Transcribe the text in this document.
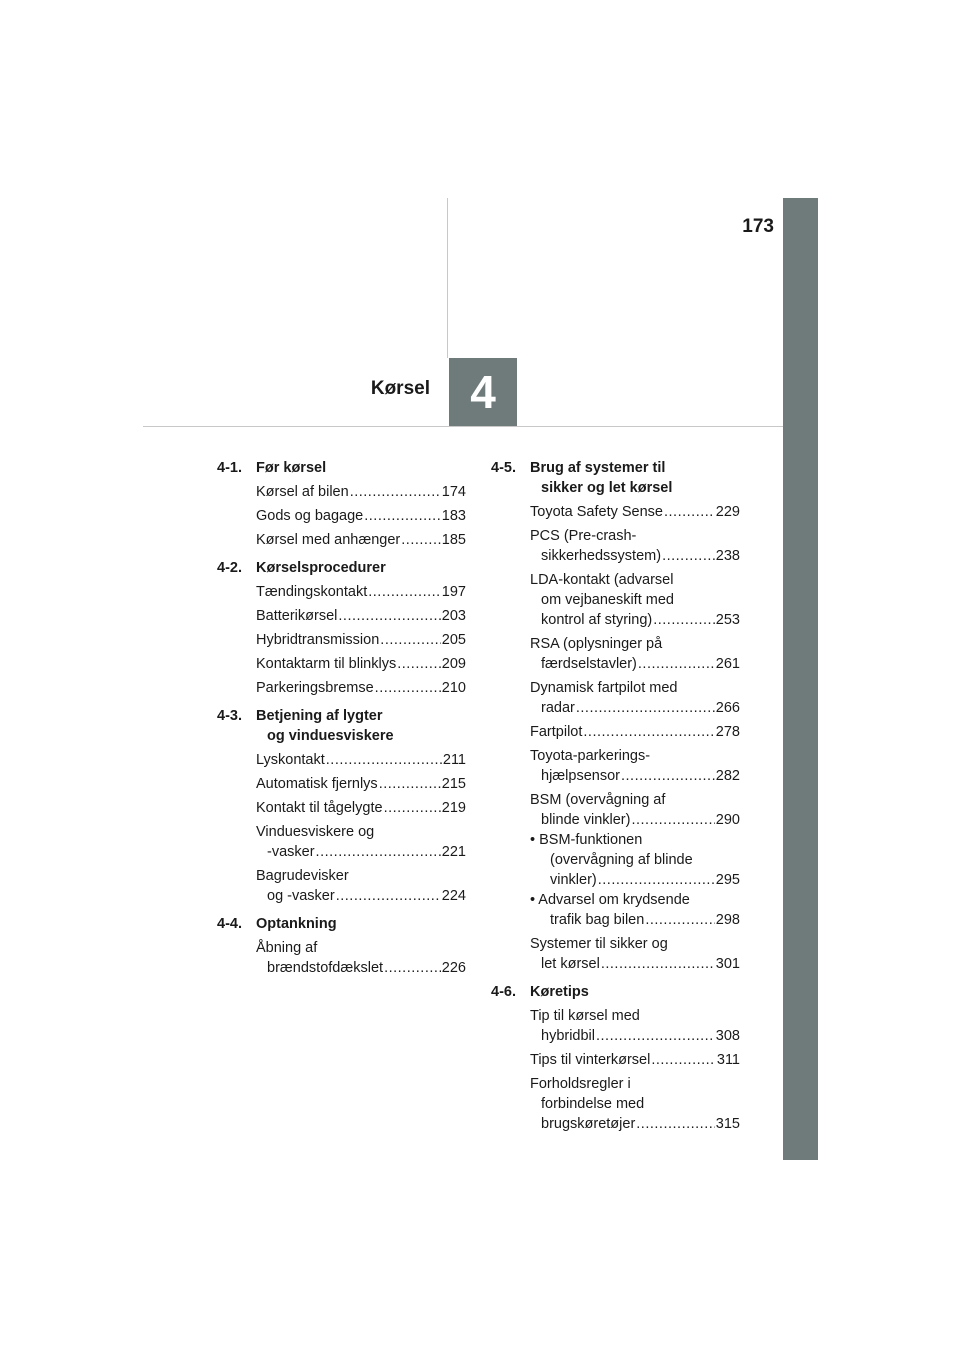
173
4
Kørsel
4-1. Før kørsel
Kørsel af bilen .....	174
Gods og bagage .....	183
Kørsel med anhænger .....	185
4-2. Kørselsprocedurer
Tændingskontakt .....	197
Batterikørsel .....	203
Hybridtransmission .....	205
Kontaktarm til blinklys .....	209
Parkeringsbremse .....	210
4-3. Betjening af lygter
og vinduesviskere
Lyskontakt .....	211
Automatisk fjernlys .....	215
Kontakt til tågelygte .....	219
Vinduesviskere og
-vasker .....	221
Bagrudevisker
og -vasker .....	224
4-4. Optankning
Åbning af
brændstofdækslet .....	226
4-5. Brug af systemer til
sikker og let kørsel
Toyota Safety Sense .....	229
PCS (Pre-crash-
sikkerhedssystem) .....	238
LDA-kontakt (advarsel
om vejbaneskift med
kontrol af styring) .....	253
RSA (oplysninger på
færdselstavler) .....	261
Dynamisk fartpilot med
radar .....	266
Fartpilot .....	278
Toyota-parkerings-
hjælpsensor .....	282
BSM (overvågning af
blinde vinkler) .....	290
• BSM-funktionen
(overvågning af blinde
vinkler) .....	295
• Advarsel om krydsende
trafik bag bilen .....	298
Systemer til sikker og
let kørsel .....	301
4-6. Køretips
Tip til kørsel med
hybridbil .....	308
Tips til vinterkørsel .....	311
Forholdsregler i
forbindelse med
brugskøretøjer .....	315
